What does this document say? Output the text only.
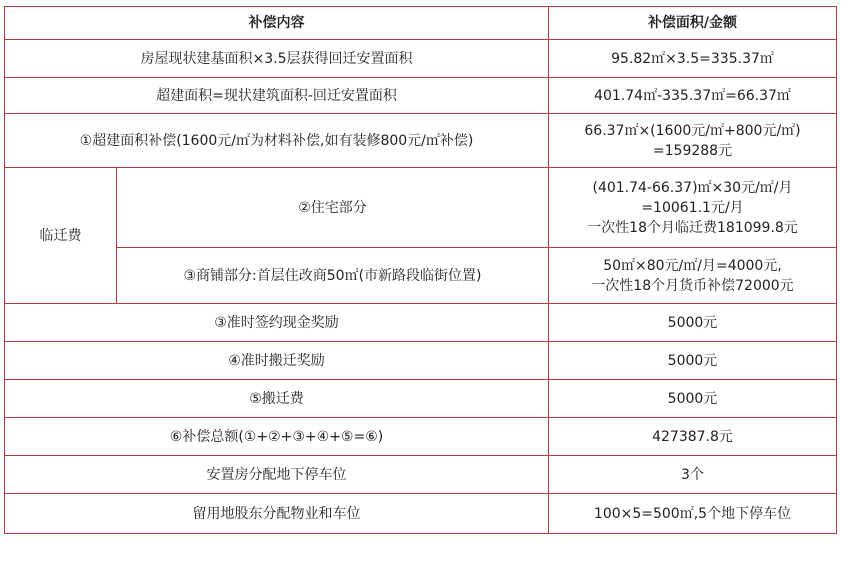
补偿内容		补偿面积/金额
房屋现状建基面积×3.5层获得回迁安置面积		95.82㎡×3.5=335.37㎡
超建面积=现状建筑面积-回迁安置面积		401.74㎡-335.37㎡=66.37㎡
①超建面积补偿(1600元/㎡为材料补偿,如有装修800元/㎡补偿)		66.37㎡×(1600元/㎡+800元/㎡)
=159288元
临迁费	②住宅部分	(401.74-66.37)㎡×30元/㎡/月
=10061.1元/月
一次性18个月临迁费181099.8元
	③商铺部分:首层住改商50㎡(市新路段临街位置)	50㎡×80元/㎡/月=4000元,
一次性18个月货币补偿72000元
③准时签约现金奖励		5000元
④准时搬迁奖励		5000元
⑤搬迁费		5000元
⑥补偿总额(①+②+③+④+⑤=⑥)		427387.8元
安置房分配地下停车位		3个
留用地股东分配物业和车位		100×5=500㎡,5个地下停车位
